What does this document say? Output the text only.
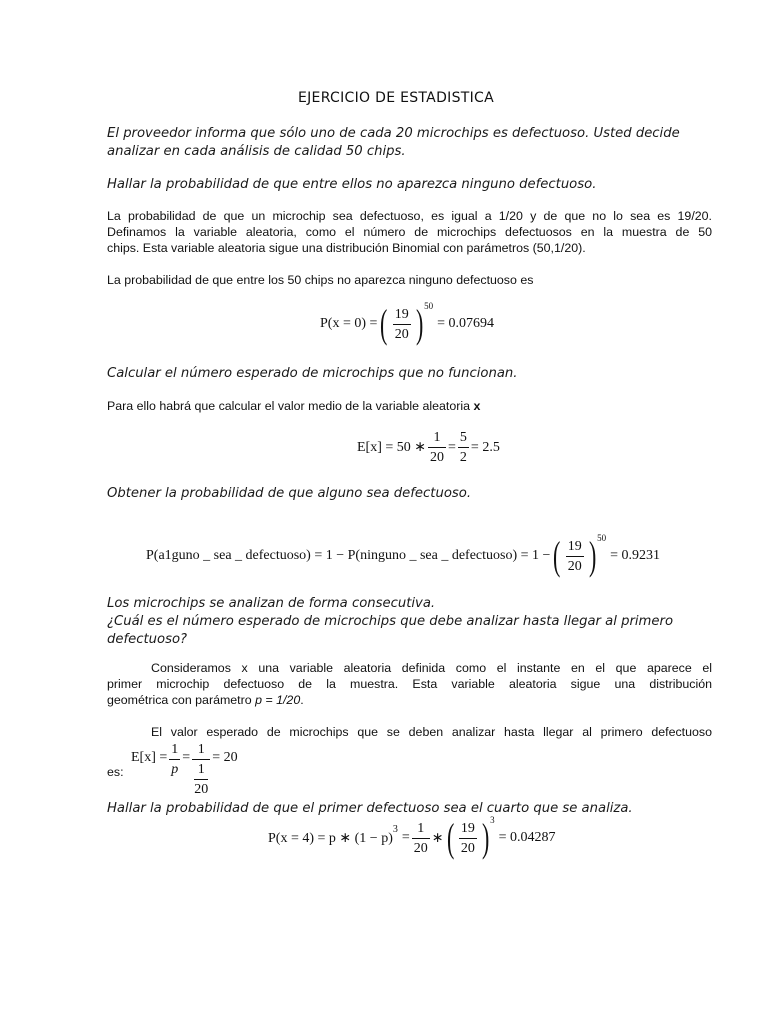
EJERCICIO DE ESTADISTICA
El proveedor informa que sólo uno de cada 20 microchips es defectuoso. Usted decide
analizar en cada análisis de calidad 50 chips.
Hallar la probabilidad de que entre ellos no aparezca ninguno defectuoso.
La probabilidad de que un microchip sea defectuoso, es igual a 1/20 y de que no lo sea es 19/20.
Definamos la variable aleatoria, como el número de microchips defectuosos en la muestra de 50
chips. Esta variable aleatoria sigue una distribución Binomial con parámetros (50,1/20).
La probabilidad de que entre los 50 chips no aparezca ninguno defectuoso es
P(x = 0) = ( $\frac{19}{20}$ ) 50
= 0.07694
Calcular el número esperado de microchips que no funcionan.
Para ello habrá que calcular el valor medio de la variable aleatoria x
E[x] = 50 ∗ $\frac{1}{20} = \frac{5}{2} = 2.5$
Obtener la probabilidad de que alguno sea defectuoso.
P(a1guno _ sea _ defectuoso) = 1 − P(ninguno _ sea _ defectuoso) = 1 − ( $\frac{19}{20}$ ) 50
= 0.9231
Los microchips se analizan de forma consecutiva.
¿Cuál es el número esperado de microchips que debe analizar hasta llegar al primero
defectuoso?
Consideramos x una variable aleatoria definida como el instante en el que aparece el
primer microchip defectuoso de la muestra. Esta variable aleatoria sigue una distribución
geométrica con parámetro p = 1/20.
El valor esperado de microchips que se deben analizar hasta llegar al primero defectuoso
es:
$E[x] = \frac{1}{p} = \frac{1}{\frac{1}{20}} = 20$
Hallar la probabilidad de que el primer defectuoso sea el cuarto que se analiza.
P(x = 4) = p ∗ (1 − p)
3
= $\frac{1}{20}$ ∗ ( $\frac{19}{20}$ ) 3
= 0.04287
